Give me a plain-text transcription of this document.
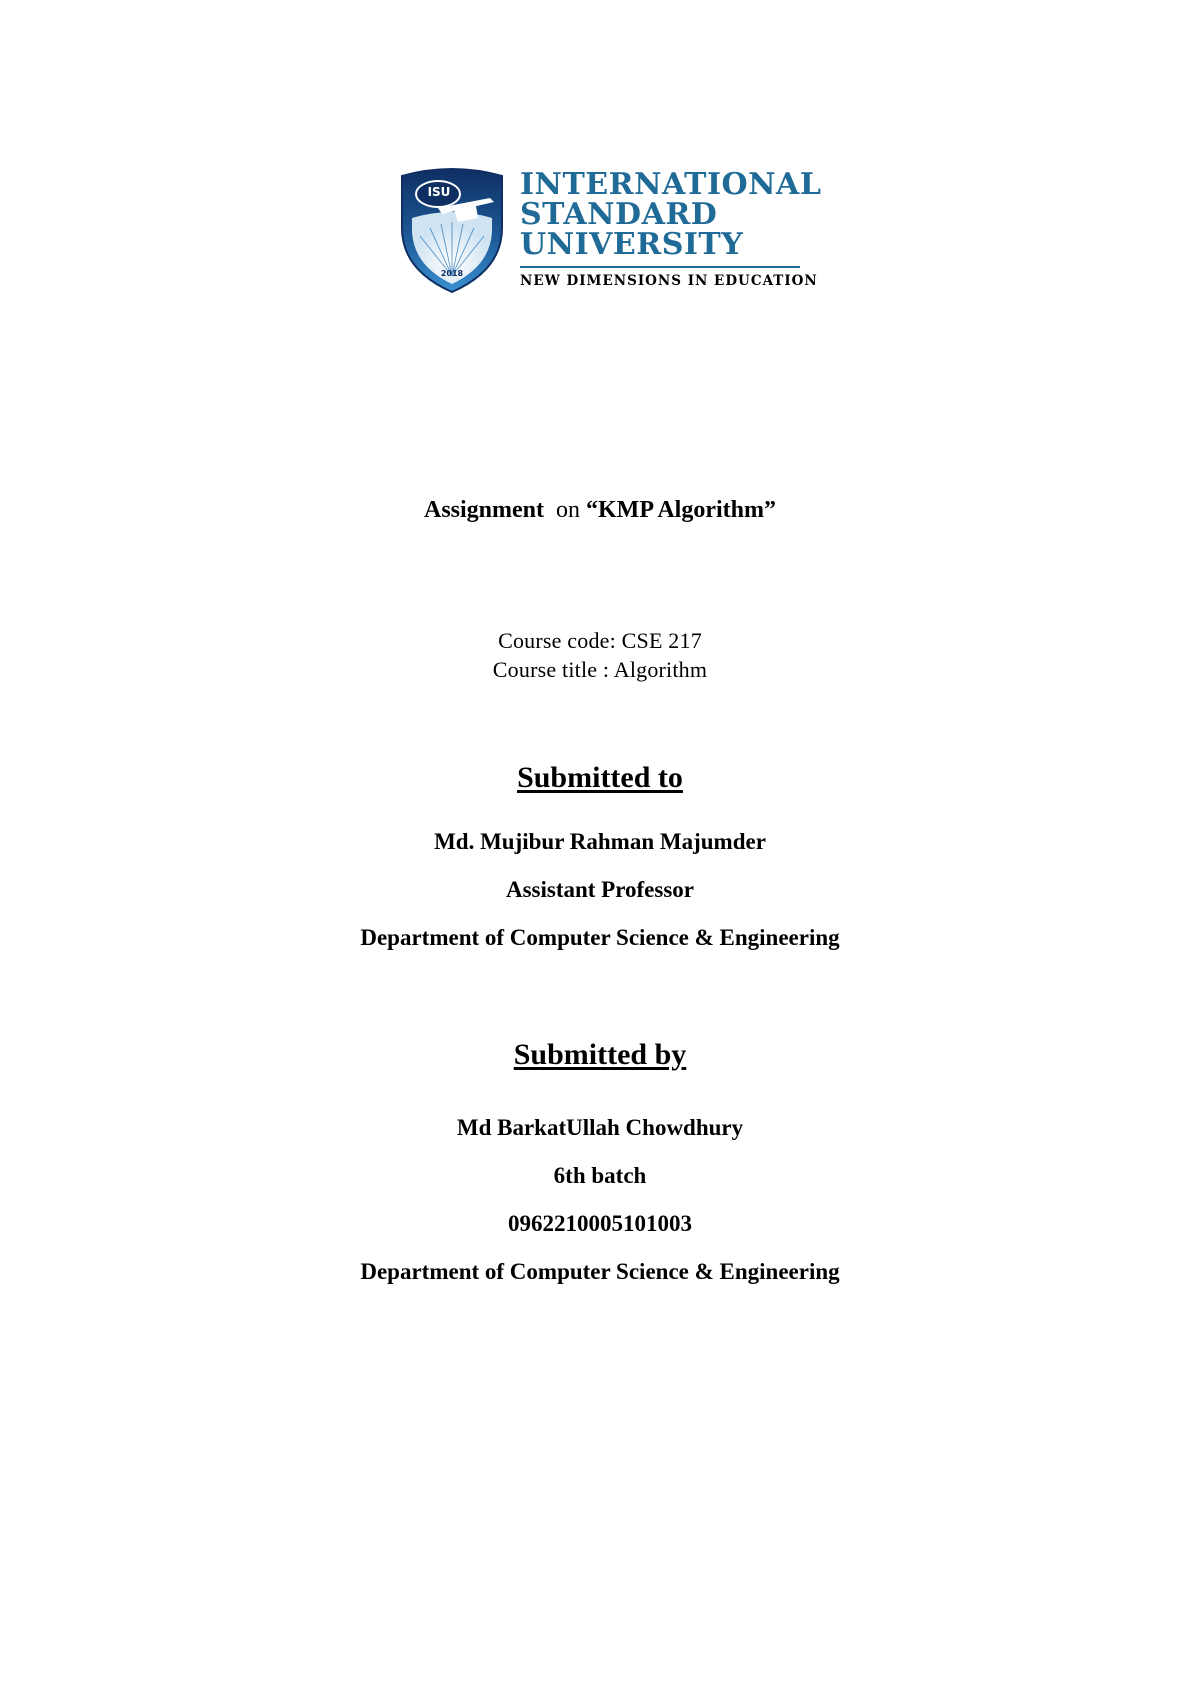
ISU
2018
INTERNATIONAL
STANDARD
UNIVERSITY
NEW DIMENSIONS IN EDUCATION
Assignment on “KMP Algorithm”
Course code: CSE 217
Course title : Algorithm
Submitted to
Md. Mujibur Rahman Majumder
Assistant Professor
Department of Computer Science & Engineering
Submitted by
Md BarkatUllah Chowdhury
6th batch
0962210005101003
Department of Computer Science & Engineering
